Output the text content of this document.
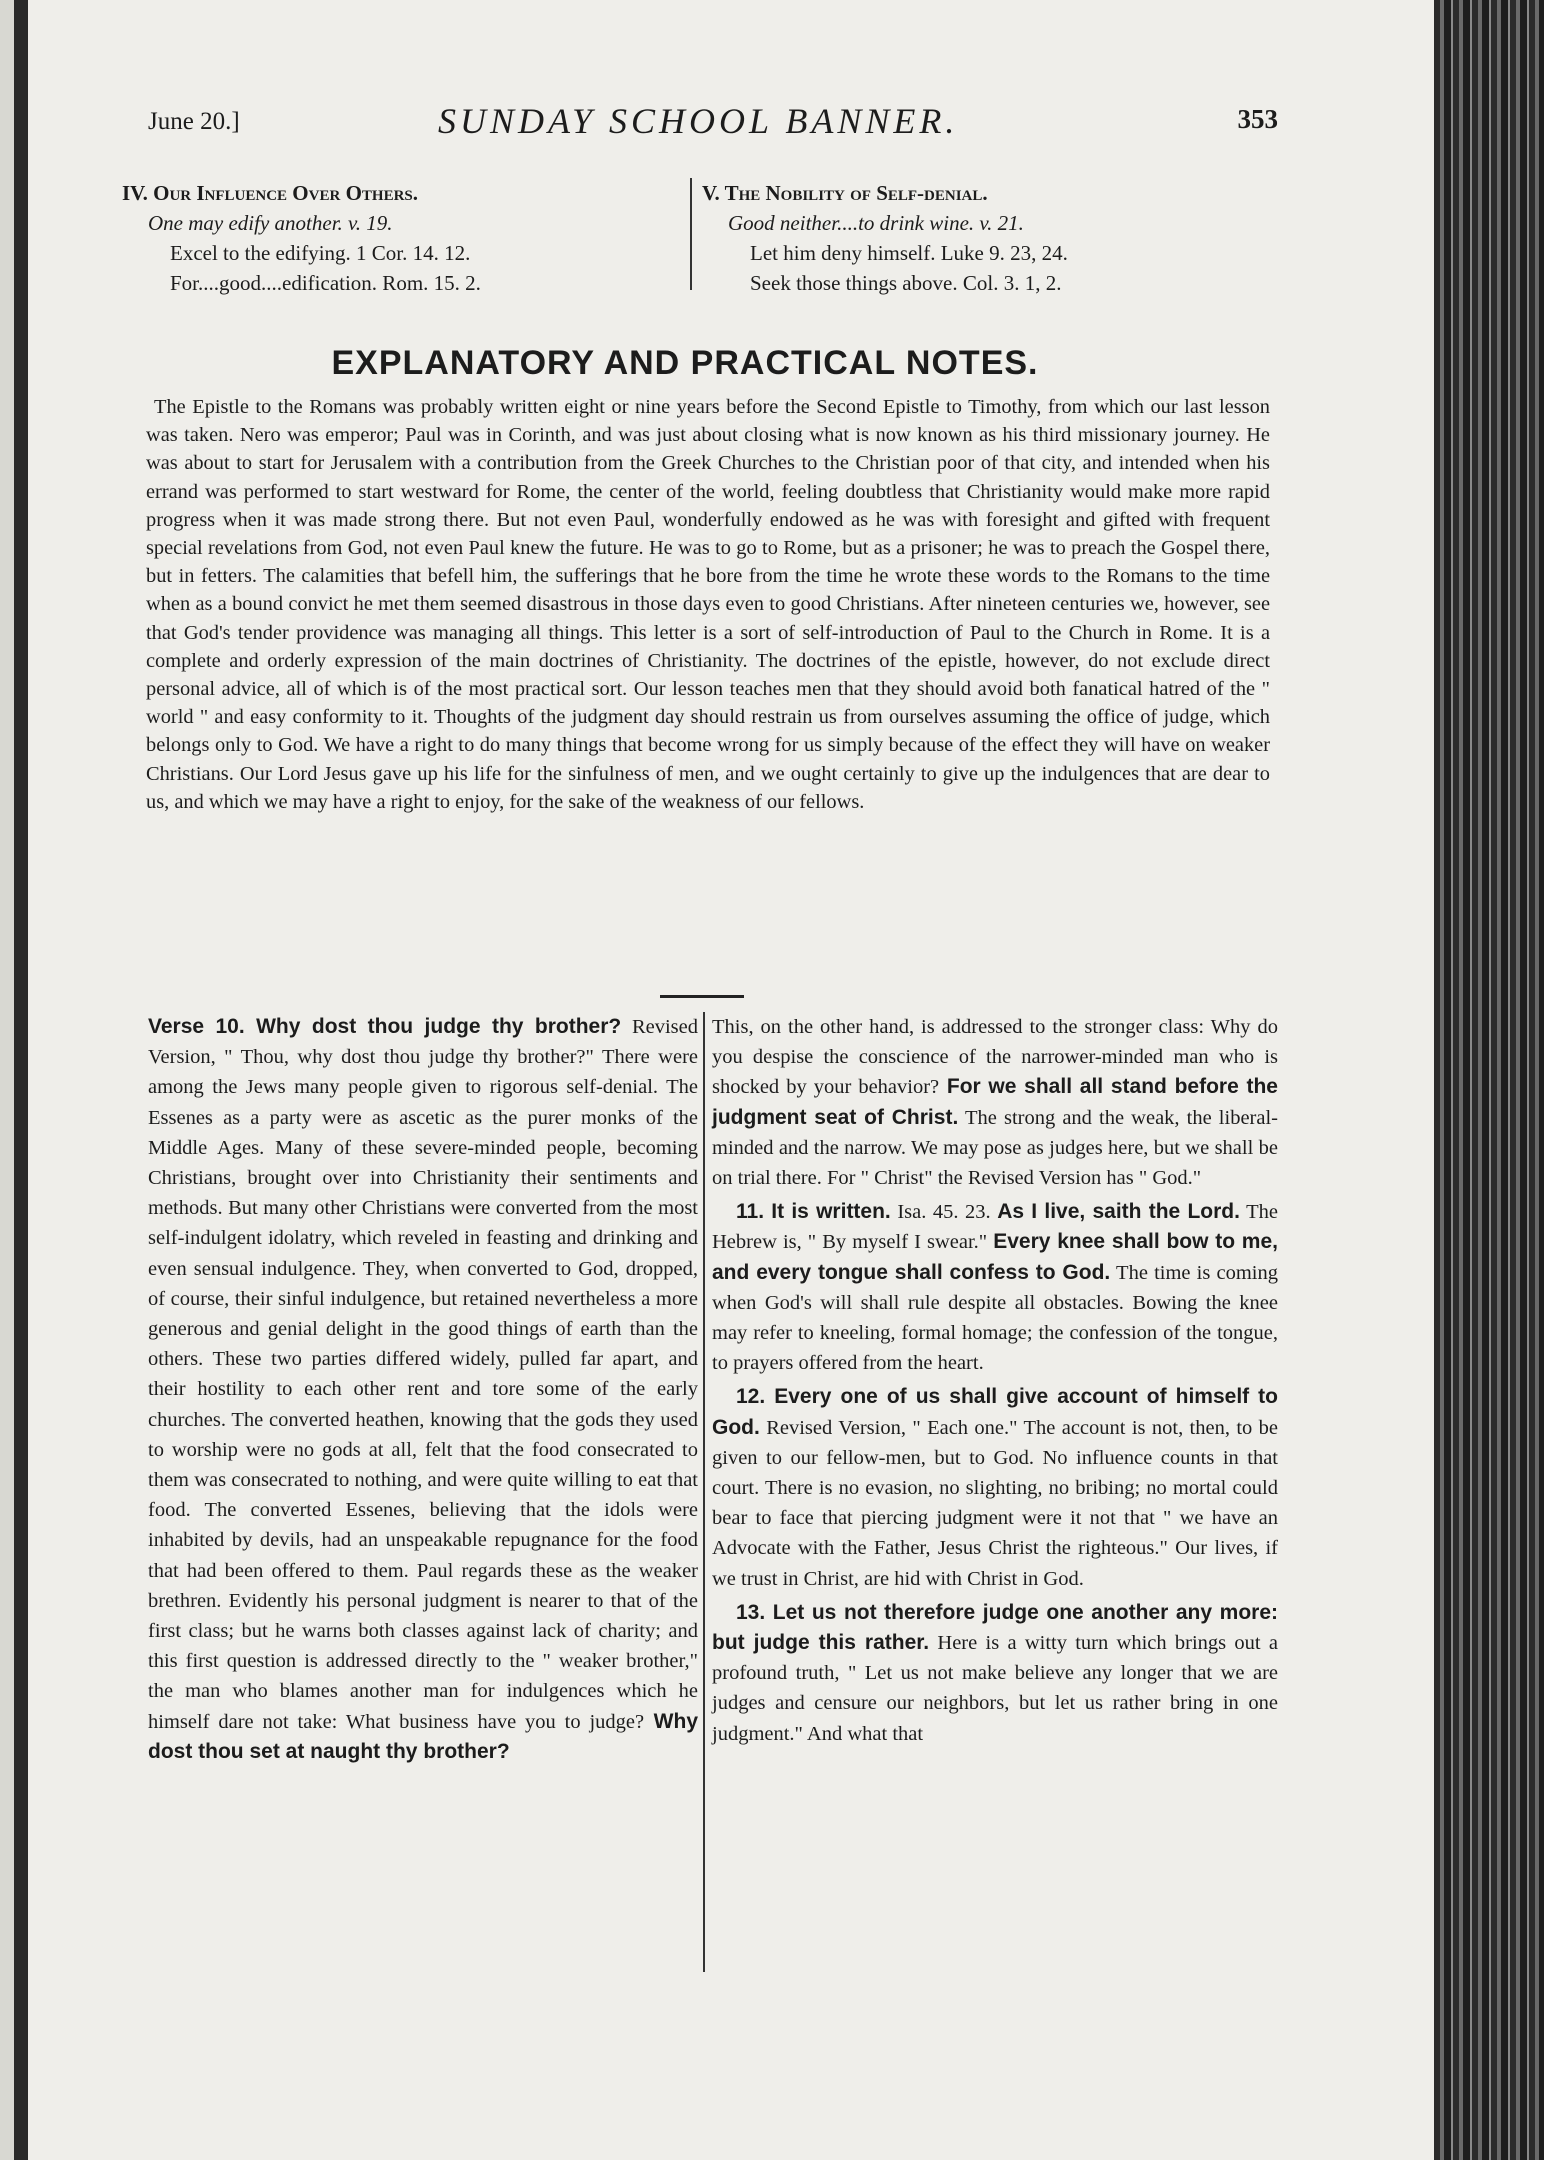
June 20.]	SUNDAY SCHOOL BANNER.	353
IV. Our Influence Over Others.
One may edify another. v. 19.
Excel to the edifying. 1 Cor. 14. 12.
For....good....edification. Rom. 15. 2.
V. The Nobility of Self-denial.
Good neither....to drink wine. v. 21.
Let him deny himself. Luke 9. 23, 24.
Seek those things above. Col. 3. 1, 2.
EXPLANATORY AND PRACTICAL NOTES.
The Epistle to the Romans was probably written eight or nine years before the Second Epistle to Timothy, from which our last lesson was taken. Nero was emperor; Paul was in Corinth, and was just about closing what is now known as his third missionary journey. He was about to start for Jerusalem with a contribution from the Greek Churches to the Christian poor of that city, and intended when his errand was performed to start westward for Rome, the center of the world, feeling doubtless that Christianity would make more rapid progress when it was made strong there. But not even Paul, wonderfully endowed as he was with foresight and gifted with frequent special revelations from God, not even Paul knew the future. He was to go to Rome, but as a prisoner; he was to preach the Gospel there, but in fetters. The calamities that befell him, the sufferings that he bore from the time he wrote these words to the Romans to the time when as a bound convict he met them seemed disastrous in those days even to good Christians. After nineteen centuries we, however, see that God's tender providence was managing all things. This letter is a sort of self-introduction of Paul to the Church in Rome. It is a complete and orderly expression of the main doctrines of Christianity. The doctrines of the epistle, however, do not exclude direct personal advice, all of which is of the most practical sort. Our lesson teaches men that they should avoid both fanatical hatred of the " world " and easy conformity to it. Thoughts of the judgment day should restrain us from ourselves assuming the office of judge, which belongs only to God. We have a right to do many things that become wrong for us simply because of the effect they will have on weaker Christians. Our Lord Jesus gave up his life for the sinfulness of men, and we ought certainly to give up the indulgences that are dear to us, and which we may have a right to enjoy, for the sake of the weakness of our fellows.

Verse 10. Why dost thou judge thy brother? Revised Version, " Thou, why dost thou judge thy brother?" There were among the Jews many people given to rigorous self-denial. The Essenes as a party were as ascetic as the purer monks of the Middle Ages. Many of these severe-minded people, becoming Christians, brought over into Christianity their sentiments and methods. But many other Christians were converted from the most self-indulgent idolatry, which reveled in feasting and drinking and even sensual indulgence. They, when converted to God, dropped, of course, their sinful indulgence, but retained nevertheless a more generous and genial delight in the good things of earth than the others. These two parties differed widely, pulled far apart, and their hostility to each other rent and tore some of the early churches. The converted heathen, knowing that the gods they used to worship were no gods at all, felt that the food consecrated to them was consecrated to nothing, and were quite willing to eat that food. The converted Essenes, believing that the idols were inhabited by devils, had an unspeakable repugnance for the food that had been offered to them. Paul regards these as the weaker brethren. Evidently his personal judgment is nearer to that of the first class; but he warns both classes against lack of charity; and this first question is addressed directly to the " weaker brother," the man who blames another man for indulgences which he himself dare not take: What business have you to judge? Why dost thou set at naught thy brother?

This, on the other hand, is addressed to the stronger class: Why do you despise the conscience of the narrower-minded man who is shocked by your behavior? For we shall all stand before the judgment seat of Christ. The strong and the weak, the liberal-minded and the narrow. We may pose as judges here, but we shall be on trial there. For " Christ" the Revised Version has " God."

11. It is written. Isa. 45. 23. As I live, saith the Lord. The Hebrew is, " By myself I swear." Every knee shall bow to me, and every tongue shall confess to God. The time is coming when God's will shall rule despite all obstacles. Bowing the knee may refer to kneeling, formal homage; the confession of the tongue, to prayers offered from the heart.

12. Every one of us shall give account of himself to God. Revised Version, " Each one." The account is not, then, to be given to our fellow-men, but to God. No influence counts in that court. There is no evasion, no slighting, no bribing; no mortal could bear to face that piercing judgment were it not that " we have an Advocate with the Father, Jesus Christ the righteous." Our lives, if we trust in Christ, are hid with Christ in God.

13. Let us not therefore judge one another any more: but judge this rather. Here is a witty turn which brings out a profound truth, " Let us not make believe any longer that we are judges and censure our neighbors, but let us rather bring in one judgment." And what that
